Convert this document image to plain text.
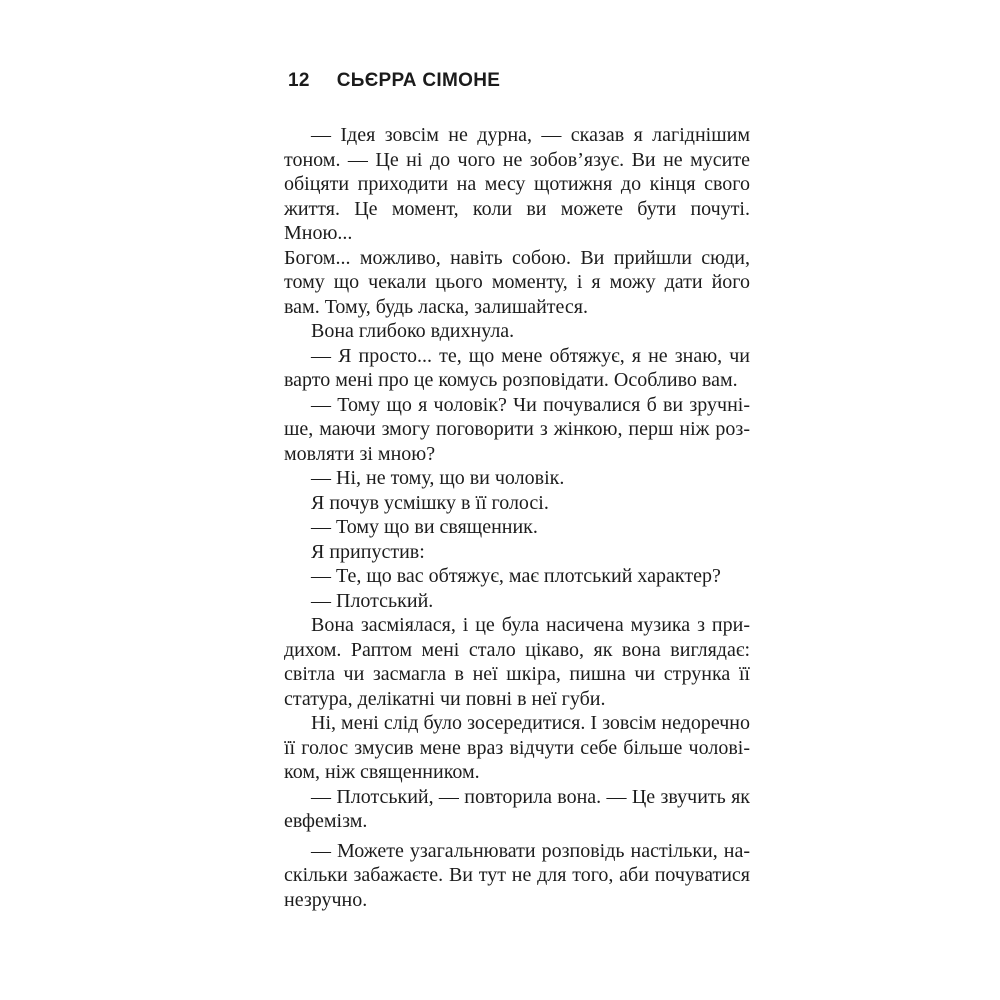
12 СЬЄРРА СІМОНЕ
— Ідея зовсім не дурна, — сказав я лагіднішим
тоном. — Це ні до чого не зобов’язує. Ви не мусите
обіцяти приходити на месу щотижня до кінця свого
життя. Це момент, коли ви можете бути почуті. Мною...
Богом... можливо, навіть собою. Ви прийшли сюди,
тому що чекали цього моменту, і я можу дати його
вам. Тому, будь ласка, залишайтеся.
Вона глибоко вдихнула.
— Я просто... те, що мене обтяжує, я не знаю, чи
варто мені про це комусь розповідати. Особливо вам.
— Тому що я чоловік? Чи почувалися б ви зручні-
ше, маючи змогу поговорити з жінкою, перш ніж роз-
мовляти зі мною?
— Ні, не тому, що ви чоловік.
Я почув усмішку в її голосі.
— Тому що ви священник.
Я припустив:
— Те, що вас обтяжує, має плотський характер?
— Плотський.
Вона засміялася, і це була насичена музика з при-
дихом. Раптом мені стало цікаво, як вона виглядає:
світла чи засмагла в неї шкіра, пишна чи струнка її
статура, делікатні чи повні в неї губи.
Ні, мені слід було зосередитися. І зовсім недоречно
її голос змусив мене враз відчути себе більше чолові-
ком, ніж священником.
— Плотський, — повторила вона. — Це звучить як
евфемізм.
— Можете узагальнювати розповідь настільки, на-
скільки забажаєте. Ви тут не для того, аби почуватися
незручно.
